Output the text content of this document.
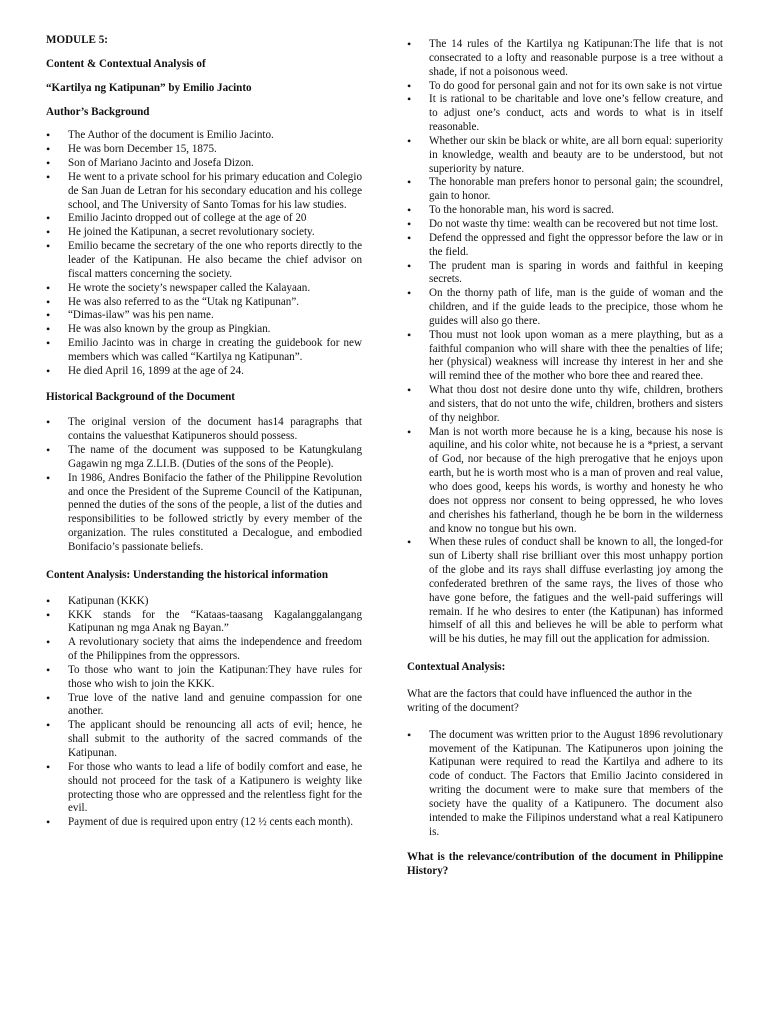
MODULE 5:

Content & Contextual Analysis of

“Kartilya ng Katipunan” by Emilio Jacinto

Author’s Background

• The Author of the document is Emilio Jacinto.
• He was born December 15, 1875.
• Son of Mariano Jacinto and Josefa Dizon.
• He went to a private school for his primary education and Colegio de San Juan de Letran for his secondary education and his college school, and The University of Santo Tomas for his law studies.
• Emilio Jacinto dropped out of college at the age of 20
• He joined the Katipunan, a secret revolutionary society.
• Emilio became the secretary of the one who reports directly to the leader of the Katipunan. He also became the chief advisor on fiscal matters concerning the society.
• He wrote the society’s newspaper called the Kalayaan.
• He was also referred to as the “Utak ng Katipunan”.
• “Dimas-ilaw” was his pen name.
• He was also known by the group as Pingkian.
• Emilio Jacinto was in charge in creating the guidebook for new members which was called “Kartilya ng Katipunan”.
• He died April 16, 1899 at the age of 24.

Historical Background of the Document

• The original version of the document has14 paragraphs that contains the valuesthat Katipuneros should possess.
• The name of the document was supposed to be Katungkulang Gagawin ng mga Z.LI.B. (Duties of the sons of the People).
• In 1986, Andres Bonifacio the father of the Philippine Revolution and once the President of the Supreme Council of the Katipunan, penned the duties of the sons of the people, a list of the duties and responsibilities to be followed strictly by every member of the organization. The rules constituted a Decalogue, and embodied Bonifacio’s passionate beliefs.

Content Analysis: Understanding the historical information

• Katipunan (KKK)
• KKK stands for the “Kataas-taasang Kagalanggalangang Katipunan ng mga Anak ng Bayan.”
• A revolutionary society that aims the independence and freedom of the Philippines from the oppressors.
• To those who want to join the Katipunan:They have rules for those who wish to join the KKK.
• True love of the native land and genuine compassion for one another.
• The applicant should be renouncing all acts of evil; hence, he shall submit to the authority of the sacred commands of the Katipunan.
• For those who wants to lead a life of bodily comfort and ease, he should not proceed for the task of a Katipunero is weighty like protecting those who are oppressed and the relentless fight for the evil.
• Payment of due is required upon entry (12 ½ cents each month).
• The 14 rules of the Kartilya ng Katipunan:The life that is not consecrated to a lofty and reasonable purpose is a tree without a shade, if not a poisonous weed.
• To do good for personal gain and not for its own sake is not virtue
• It is rational to be charitable and love one’s fellow creature, and to adjust one’s conduct, acts and words to what is in itself reasonable.
• Whether our skin be black or white, are all born equal: superiority in knowledge, wealth and beauty are to be understood, but not superiority by nature.
• The honorable man prefers honor to personal gain; the scoundrel, gain to honor.
• To the honorable man, his word is sacred.
• Do not waste thy time: wealth can be recovered but not time lost.
• Defend the oppressed and fight the oppressor before the law or in the field.
• The prudent man is sparing in words and faithful in keeping secrets.
• On the thorny path of life, man is the guide of woman and the children, and if the guide leads to the precipice, those whom he guides will also go there.
• Thou must not look upon woman as a mere plaything, but as a faithful companion who will share with thee the penalties of life; her (physical) weakness will increase thy interest in her and she will remind thee of the mother who bore thee and reared thee.
• What thou dost not desire done unto thy wife, children, brothers and sisters, that do not unto the wife, children, brothers and sisters of thy neighbor.
• Man is not worth more because he is a king, because his nose is aquiline, and his color white, not because he is a *priest, a servant of God, nor because of the high prerogative that he enjoys upon earth, but he is worth most who is a man of proven and real value, who does good, keeps his words, is worthy and honesty he who does not oppress nor consent to being oppressed, he who loves and cherishes his fatherland, though he be born in the wilderness and know no tongue but his own.
• When these rules of conduct shall be known to all, the longed-for sun of Liberty shall rise brilliant over this most unhappy portion of the globe and its rays shall diffuse everlasting joy among the confederated brethren of the same rays, the lives of those who have gone before, the fatigues and the well-paid sufferings will remain. If he who desires to enter (the Katipunan) has informed himself of all this and believes he will be able to perform what will be his duties, he may fill out the application for admission.

Contextual Analysis:

What are the factors that could have influenced the author in the writing of the document?

• The document was written prior to the August 1896 revolutionary movement of the Katipunan. The Katipuneros upon joining the Katipunan were required to read the Kartilya and adhere to its code of conduct. The Factors that Emilio Jacinto considered in writing the document were to make sure that members of the society have the quality of a Katipunero. The document also intended to make the Filipinos understand what a real Katipunero is.

What is the relevance/contribution of the document in Philippine History?
